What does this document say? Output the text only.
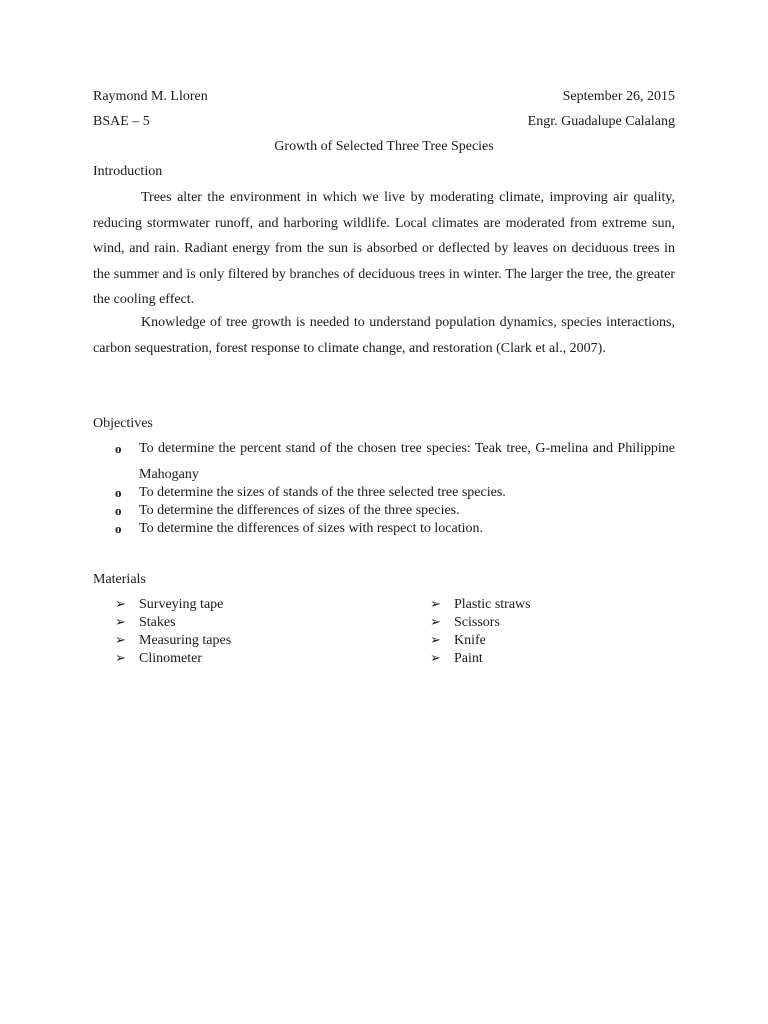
Raymond M. Lloren	September 26, 2015
BSAE – 5	Engr. Guadalupe Calalang
Growth of Selected Three Tree Species
Introduction

Trees alter the environment in which we live by moderating climate, improving air quality, reducing stormwater runoff, and harboring wildlife. Local climates are moderated from extreme sun, wind, and rain. Radiant energy from the sun is absorbed or deflected by leaves on deciduous trees in the summer and is only filtered by branches of deciduous trees in winter. The larger the tree, the greater the cooling effect.

Knowledge of tree growth is needed to understand population dynamics, species interactions, carbon sequestration, forest response to climate change, and restoration (Clark et al., 2007).

Objectives
o To determine the percent stand of the chosen tree species: Teak tree, G-melina and Philippine Mahogany
o To determine the sizes of stands of the three selected tree species.
o To determine the differences of sizes of the three species.
o To determine the differences of sizes with respect to location.
Materials
➢ Surveying tape
➢ Stakes
➢ Measuring tapes
➢ Clinometer
➢ Plastic straws
➢ Scissors
➢ Knife
➢ Paint
